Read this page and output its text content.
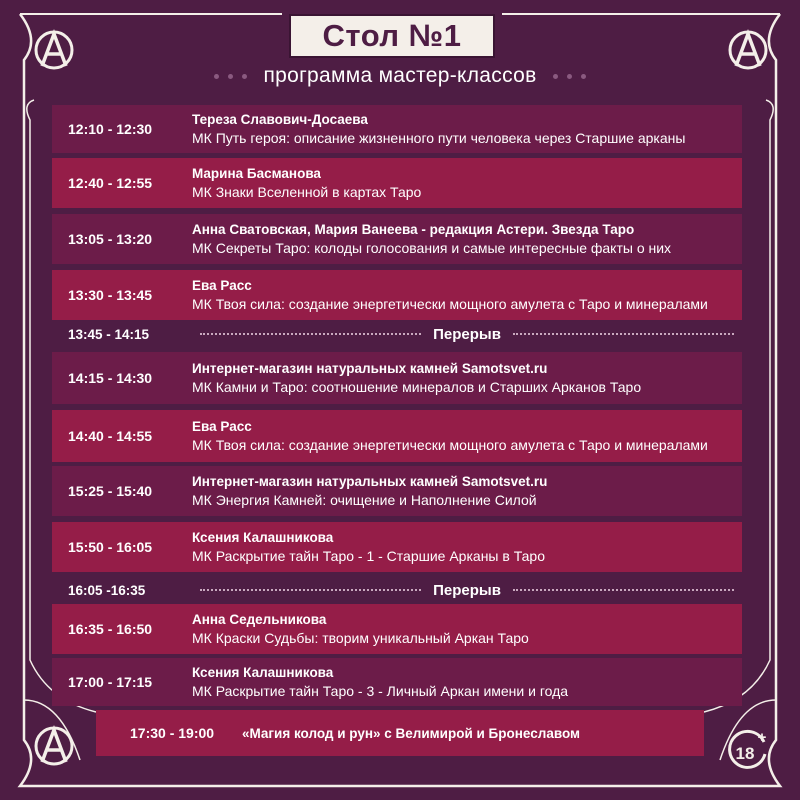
Стол №1
программа мастер-классов
12:10 - 12:30
Тереза Славович-Досаева
МК Путь героя: описание жизненного пути человека через Старшие арканы
12:40 - 12:55
Марина Басманова
МК Знаки Вселенной в картах Таро
13:05 - 13:20
Анна Сватовская, Мария Ванеева - редакция Астери. Звезда Таро
МК Секреты Таро: колоды голосования и самые интересные факты о них
13:30 - 13:45
Ева Расс
МК Твоя сила: создание энергетически мощного амулета с Таро и минералами
13:45 - 14:15	Перерыв
14:15 - 14:30
Интернет-магазин натуральных камней Samotsvet.ru
МК Камни и Таро: соотношение минералов и Старших Арканов Таро
14:40 - 14:55
Ева Расс
МК Твоя сила: создание энергетически мощного амулета с Таро и минералами
15:25 - 15:40
Интернет-магазин натуральных камней Samotsvet.ru
МК Энергия Камней: очищение и Наполнение Силой
15:50 - 16:05
Ксения Калашникова
МК Раскрытие тайн Таро - 1 - Старшие Арканы в Таро
16:05 -16:35	Перерыв
16:35 - 16:50
Анна Седельникова
МК Краски Судьбы: творим уникальный Аркан Таро
17:00 - 17:15
Ксения Калашникова
МК Раскрытие тайн Таро - 3 - Личный Аркан имени и года
17:30 - 19:00	«Магия колод и рун» с Велимирой и Бронеславом
18
+
